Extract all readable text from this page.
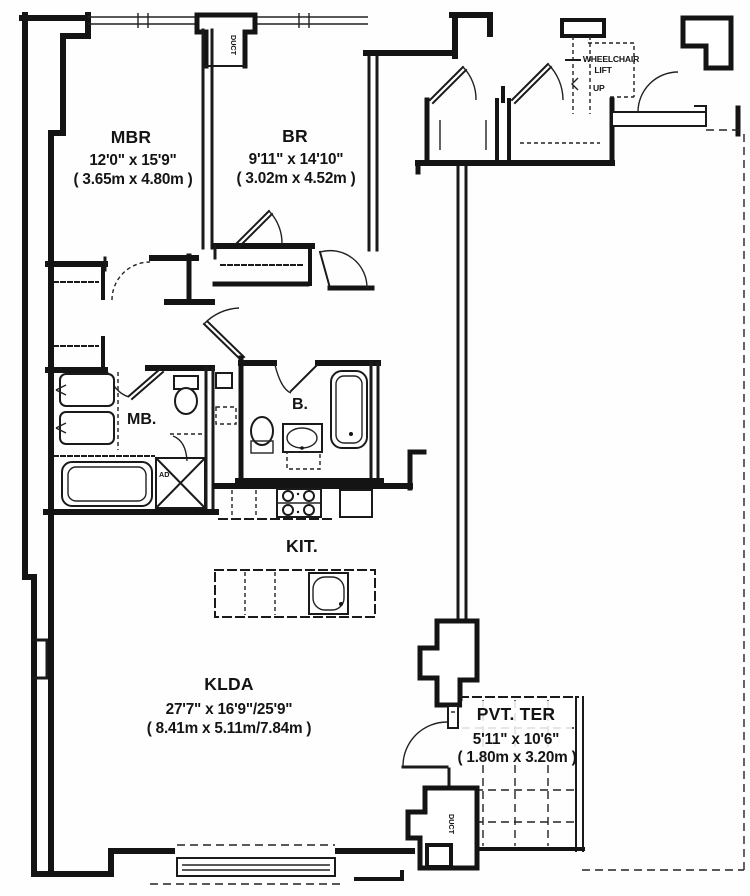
MBR
12'0" x 15'9"
( 3.65m x 4.80m )
BR
9'11" x 14'10"
( 3.02m x 4.52m )
MB.
B.
KIT.
KLDA
27'7" x 16'9"/25'9"
( 8.41m x 5.11m/7.84m )
PVT. TER
5'11" x 10'6"
( 1.80m x 3.20m )
WHEELCHAIR
LIFT
UP
AD
DUCT
DUCT
